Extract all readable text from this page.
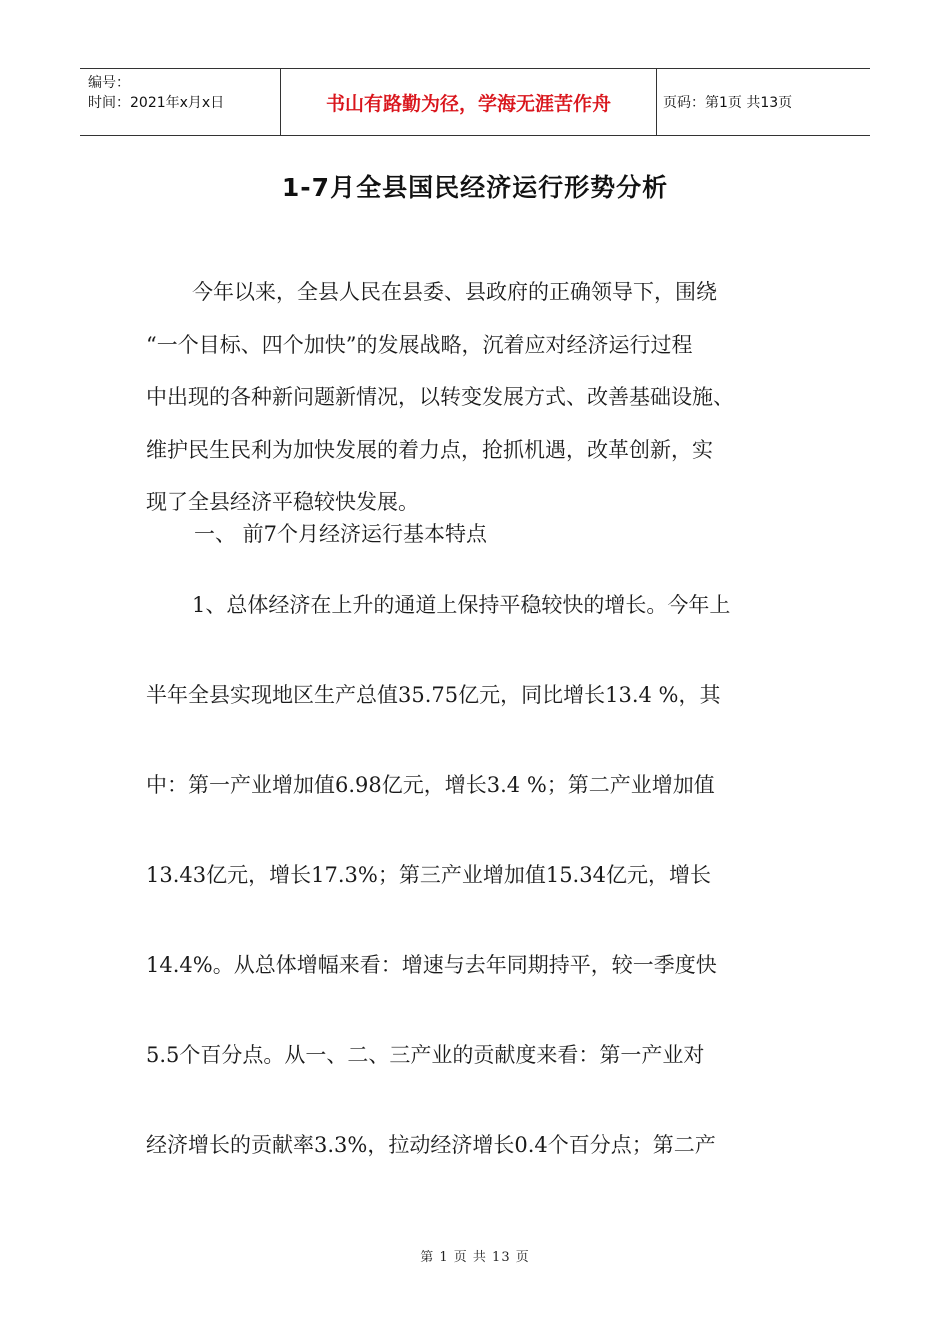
编号：
时间：2021年x月x日	书山有路勤为径，学海无涯苦作舟	页码：第1页 共13页
1-7月全县国民经济运行形势分析
今年以来，全县人民在县委、县政府的正确领导下，围绕
“一个目标、四个加快”的发展战略，沉着应对经济运行过程
中出现的各种新问题新情况，以转变发展方式、改善基础设施、
维护民生民利为加快发展的着力点，抢抓机遇，改革创新，实
现了全县经济平稳较快发展。
一、 前7个月经济运行基本特点
1、总体经济在上升的通道上保持平稳较快的增长。今年上
半年全县实现地区生产总值35.75亿元，同比增长13.4 %，其
中：第一产业增加值6.98亿元，增长3.4 %；第二产业增加值
13.43亿元，增长17.3%；第三产业增加值15.34亿元，增长
14.4%。从总体增幅来看：增速与去年同期持平，较一季度快
5.5个百分点。从一、二、三产业的贡献度来看：第一产业对
经济增长的贡献率3.3%，拉动经济增长0.4个百分点；第二产
第 1 页 共 13 页
